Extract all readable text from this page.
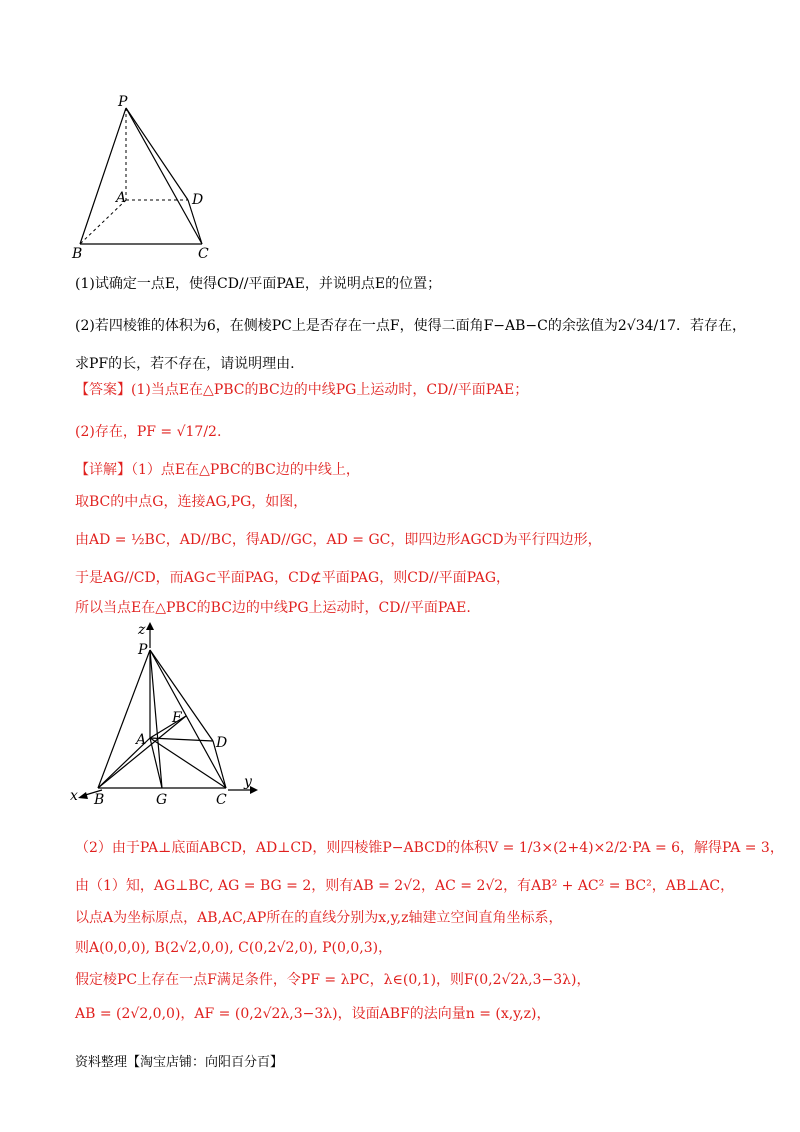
P
A	D
B	C
(1)试确定一点E，使得CD//平面PAE，并说明点E的位置；
(2)若四棱锥的体积为6，在侧棱PC上是否存在一点F，使得二面角F−AB−C的余弦值为2√34/17．若存在，
求PF的长，若不存在，请说明理由.
【答案】(1)当点E在△PBC的BC边的中线PG上运动时，CD//平面PAE；
(2)存在，PF = √17/2.
【详解】（1）点E在△PBC的BC边的中线上，
取BC的中点G，连接AG,PG，如图，
由AD = ½BC，AD//BC，得AD//GC，AD = GC，即四边形AGCD为平行四边形，
于是AG//CD，而AG⊂平面PAG，CD⊄平面PAG，则CD//平面PAG，
所以当点E在△PBC的BC边的中线PG上运动时，CD//平面PAE.
z
P
F
A	D
x B	G	C
y
（2）由于PA⊥底面ABCD，AD⊥CD，则四棱锥P−ABCD的体积V = 1/3×(2+4)×2/2·PA = 6，解得PA = 3，
由（1）知，AG⊥BC, AG = BG = 2，则有AB = 2√2，AC = 2√2，有AB² + AC² = BC²，AB⊥AC，
以点A为坐标原点，AB,AC,AP所在的直线分别为x,y,z轴建立空间直角坐标系，
则A(0,0,0), B(2√2,0,0), C(0,2√2,0), P(0,0,3)，
假定棱PC上存在一点F满足条件，令PF = λPC，λ∈(0,1)，则F(0,2√2λ,3−3λ)，
AB = (2√2,0,0)，AF = (0,2√2λ,3−3λ)，设面ABF的法向量n = (x,y,z)，
资料整理【淘宝店铺：向阳百分百】
